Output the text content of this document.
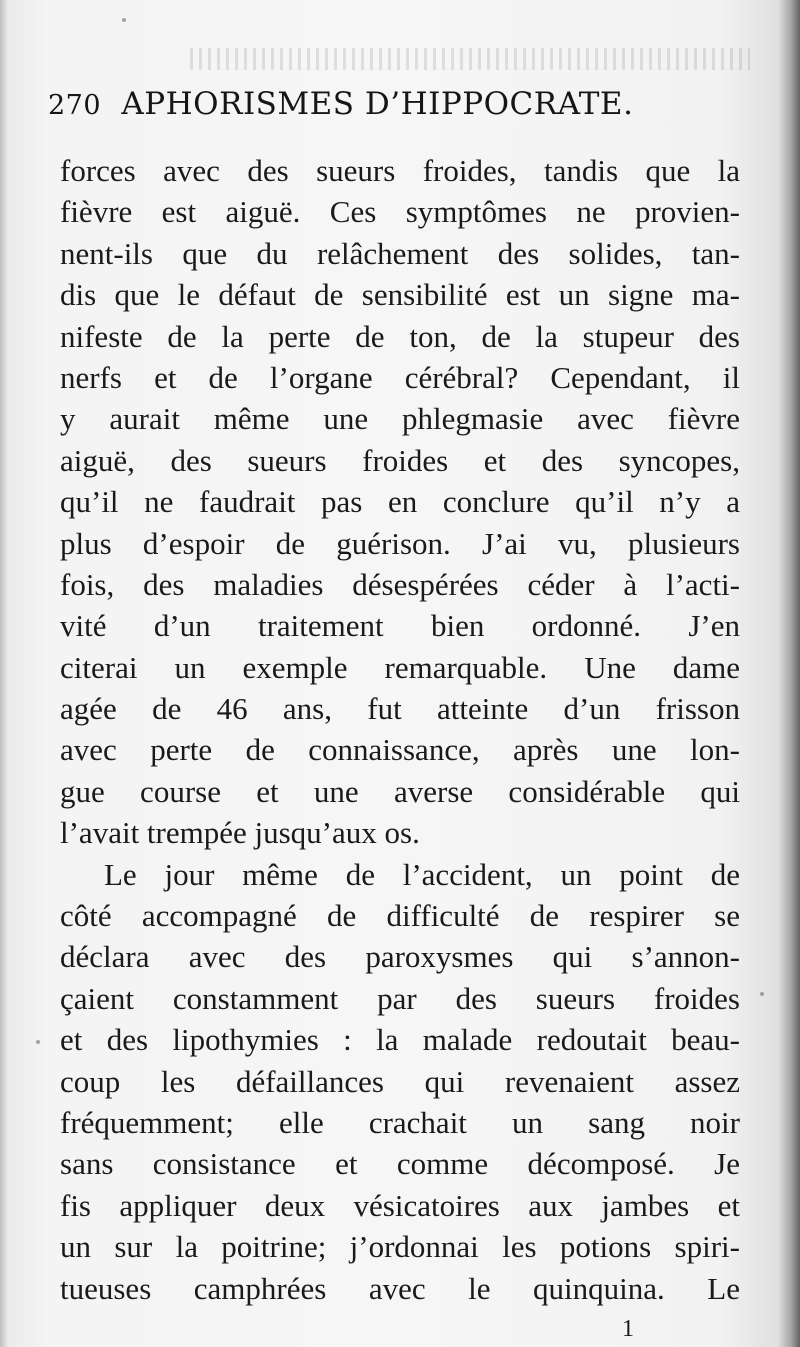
270 APHORISMES D’HIPPOCRATE.
forces avec des sueurs froides, tandis que la
fièvre est aiguë. Ces symptômes ne provien-
nent-ils que du relâchement des solides, tan-
dis que le défaut de sensibilité est un signe ma-
nifeste de la perte de ton, de la stupeur des
nerfs et de l’organe cérébral? Cependant, il
y aurait même une phlegmasie avec fièvre
aiguë, des sueurs froides et des syncopes,
qu’il ne faudrait pas en conclure qu’il n’y a
plus d’espoir de guérison. J’ai vu, plusieurs
fois, des maladies désespérées céder à l’acti-
vité d’un traitement bien ordonné. J’en
citerai un exemple remarquable. Une dame
agée de 46 ans, fut atteinte d’un frisson
avec perte de connaissance, après une lon-
gue course et une averse considérable qui
l’avait trempée jusqu’aux os.
Le jour même de l’accident, un point de
côté accompagné de difficulté de respirer se
déclara avec des paroxysmes qui s’annon-
çaient constamment par des sueurs froides
et des lipothymies : la malade redoutait beau-
coup les défaillances qui revenaient assez
fréquemment; elle crachait un sang noir
sans consistance et comme décomposé. Je
fis appliquer deux vésicatoires aux jambes et
un sur la poitrine; j’ordonnai les potions spiri-
tueuses camphrées avec le quinquina. Le
1
